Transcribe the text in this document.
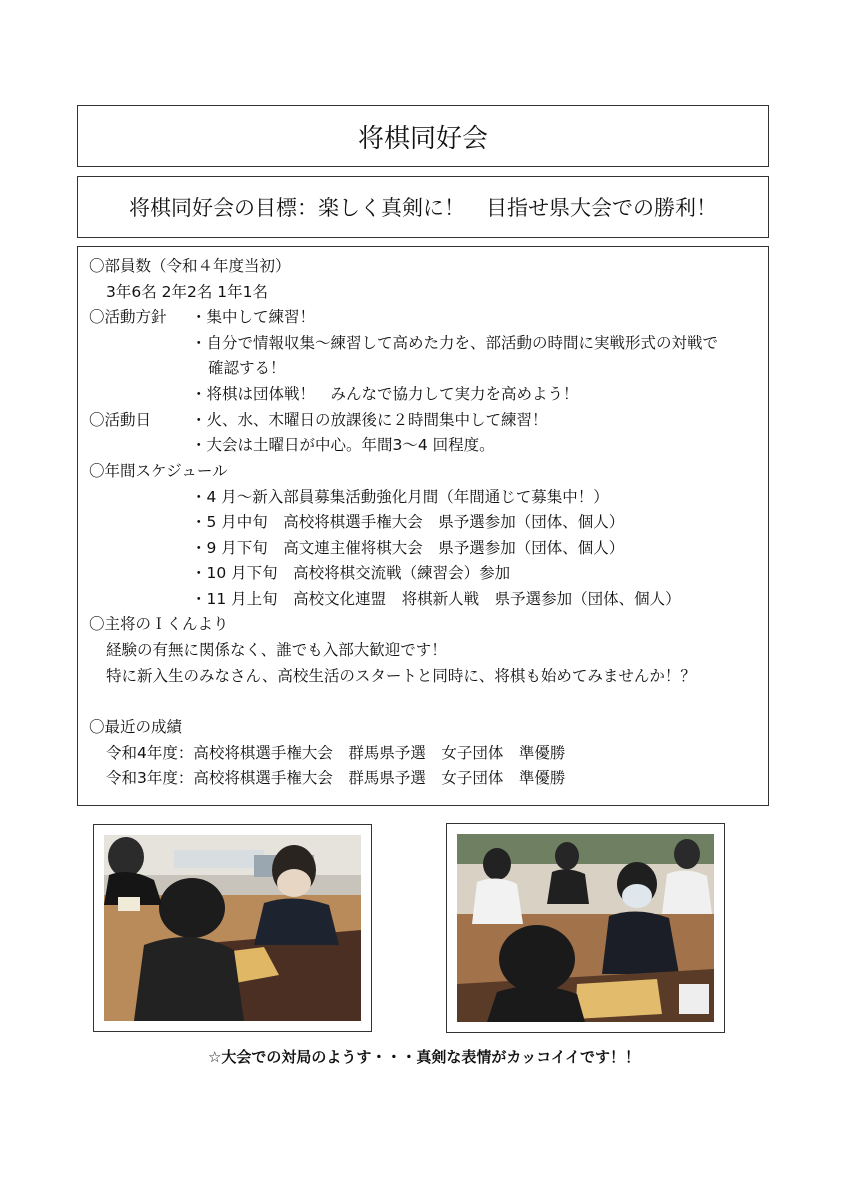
将棋同好会
将棋同好会の目標：楽しく真剣に！　目指せ県大会での勝利！
〇部員数（令和４年度当初）
3年6名 2年2名 1年1名
〇活動方針 ・集中して練習！
・自分で情報収集～練習して高めた力を、部活動の時間に実戦形式の対戦で
確認する！
・将棋は団体戦！　みんなで協力して実力を高めよう！
〇活動日	・火、水、木曜日の放課後に２時間集中して練習！
・大会は土曜日が中心。年間3～4 回程度。
〇年間スケジュール
・4 月～新入部員募集活動強化月間（年間通じて募集中！）
・5 月中旬　高校将棋選手権大会　県予選参加（団体、個人）
・9 月下旬　高文連主催将棋大会　県予選参加（団体、個人）
・10 月下旬　高校将棋交流戦（練習会）参加
・11 月上旬　高校文化連盟　将棋新人戦　県予選参加（団体、個人）
〇主将のＩくんより
経験の有無に関係なく、誰でも入部大歓迎です！
特に新入生のみなさん、高校生活のスタートと同時に、将棋も始めてみませんか！？
〇最近の成績
令和4年度：高校将棋選手権大会　群馬県予選　女子団体　準優勝
令和3年度：高校将棋選手権大会　群馬県予選　女子団体　準優勝
☆大会での対局のようす・・・真剣な表情がカッコイイです！！
